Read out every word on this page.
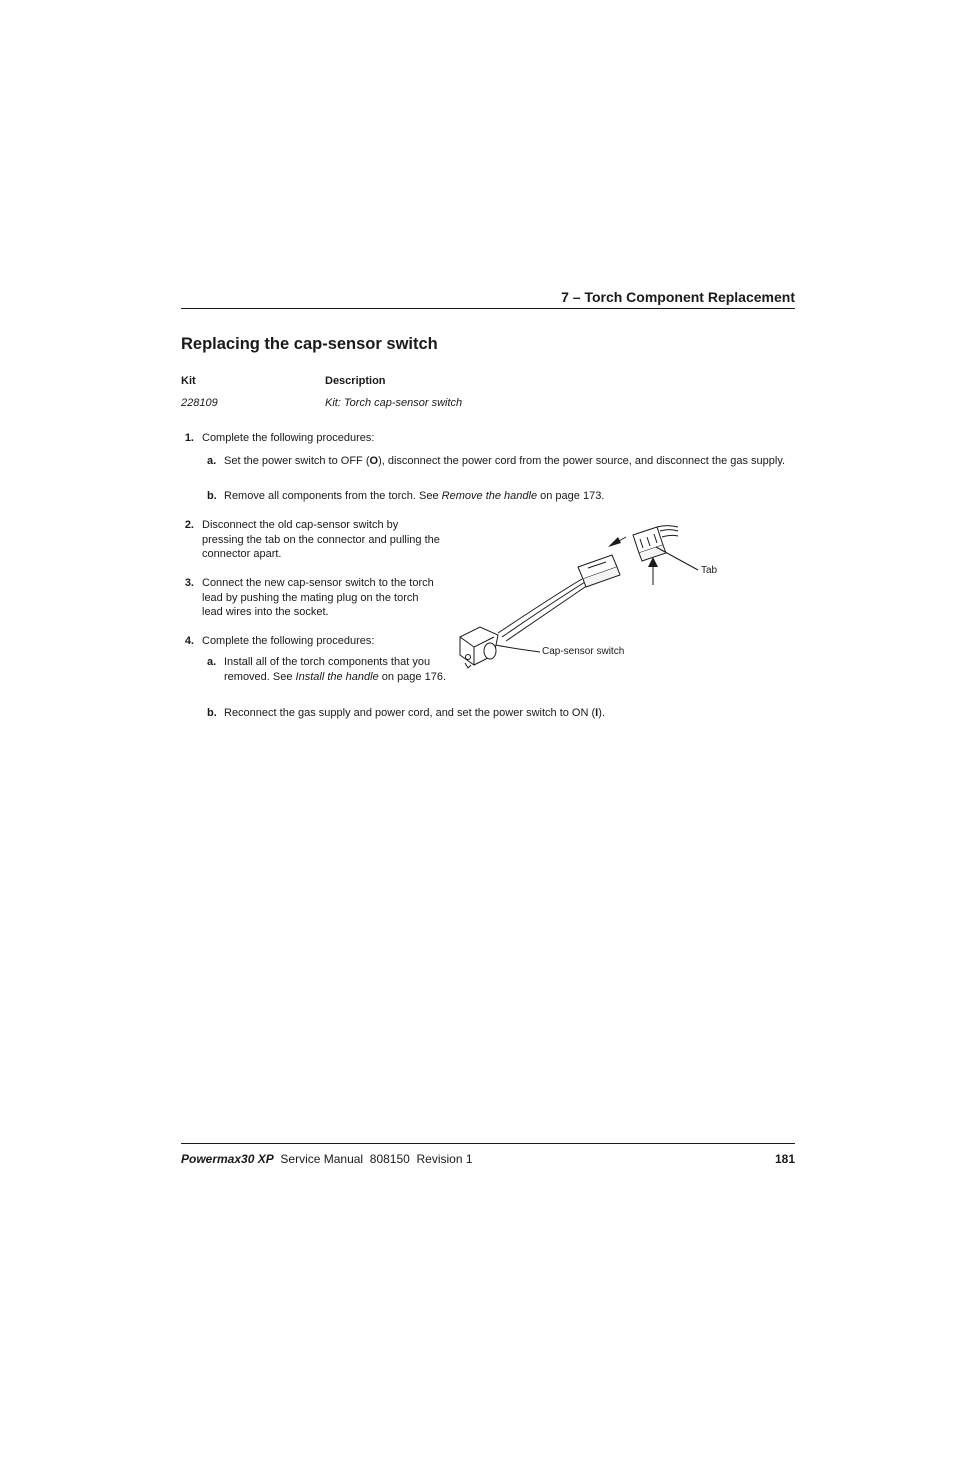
7 – Torch Component Replacement
Replacing the cap-sensor switch
Kit	Description
228109	Kit: Torch cap-sensor switch
1. Complete the following procedures:
a. Set the power switch to OFF (O), disconnect the power cord from the power source, and disconnect the gas supply.
b. Remove all components from the torch. See Remove the handle on page 173.
2. Disconnect the old cap-sensor switch by pressing the tab on the connector and pulling the connector apart.
3. Connect the new cap-sensor switch to the torch lead by pushing the mating plug on the torch lead wires into the socket.
4. Complete the following procedures:
a. Install all of the torch components that you removed. See Install the handle on page 176.
b. Reconnect the gas supply and power cord, and set the power switch to ON (I).
Tab
Cap-sensor switch
Powermax30 XP Service Manual 808150 Revision 1	181
